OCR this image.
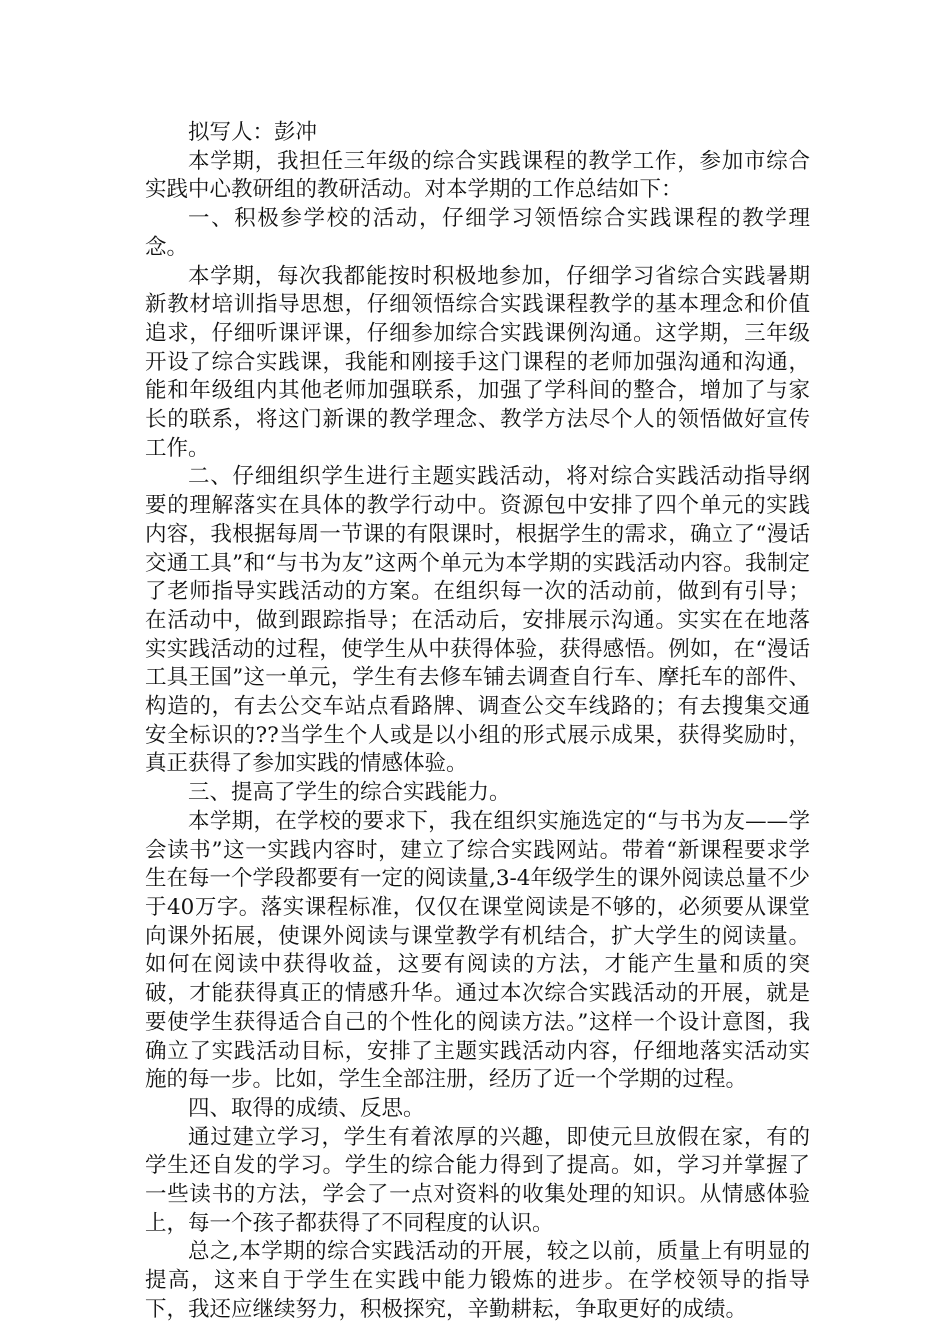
拟写人：彭冲

本学期，我担任三年级的综合实践课程的教学工作，参加市综合实践中心教研组的教研活动。对本学期的工作总结如下：

一、积极参学校的活动，仔细学习领悟综合实践课程的教学理念。

本学期，每次我都能按时积极地参加，仔细学习省综合实践暑期新教材培训指导思想，仔细领悟综合实践课程教学的基本理念和价值追求，仔细听课评课，仔细参加综合实践课例沟通。这学期，三年级开设了综合实践课，我能和刚接手这门课程的老师加强沟通和沟通，能和年级组内其他老师加强联系，加强了学科间的整合，增加了与家长的联系，将这门新课的教学理念、教学方法尽个人的领悟做好宣传工作。

二、仔细组织学生进行主题实践活动，将对综合实践活动指导纲要的理解落实在具体的教学行动中。资源包中安排了四个单元的实践内容，我根据每周一节课的有限课时，根据学生的需求，确立了“漫话交通工具”和“与书为友”这两个单元为本学期的实践活动内容。我制定了老师指导实践活动的方案。在组织每一次的活动前，做到有引导；在活动中，做到跟踪指导；在活动后，安排展示沟通。实实在在地落实实践活动的过程，使学生从中获得体验，获得感悟。例如，在“漫话工具王国”这一单元，学生有去修车铺去调查自行车、摩托车的部件、构造的，有去公交车站点看路牌、调查公交车线路的；有去搜集交通安全标识的??当学生个人或是以小组的形式展示成果，获得奖励时，真正获得了参加实践的情感体验。

三、提高了学生的综合实践能力。

本学期，在学校的要求下，我在组织实施选定的“与书为友——学会读书”这一实践内容时，建立了综合实践网站。带着“新课程要求学生在每一个学段都要有一定的阅读量,3-4年级学生的课外阅读总量不少于40万字。落实课程标准，仅仅在课堂阅读是不够的，必须要从课堂向课外拓展，使课外阅读与课堂教学有机结合，扩大学生的阅读量。如何在阅读中获得收益，这要有阅读的方法，才能产生量和质的突破，才能获得真正的情感升华。通过本次综合实践活动的开展，就是要使学生获得适合自己的个性化的阅读方法。”这样一个设计意图，我确立了实践活动目标，安排了主题实践活动内容，仔细地落实活动实施的每一步。比如，学生全部注册，经历了近一个学期的过程。

四、取得的成绩、反思。

通过建立学习，学生有着浓厚的兴趣，即使元旦放假在家，有的学生还自发的学习。学生的综合能力得到了提高。如，学习并掌握了一些读书的方法，学会了一点对资料的收集处理的知识。从情感体验上，每一个孩子都获得了不同程度的认识。

总之,本学期的综合实践活动的开展，较之以前，质量上有明显的提高，这来自于学生在实践中能力锻炼的进步。在学校领导的指导下，我还应继续努力，积极探究，辛勤耕耘，争取更好的成绩。
